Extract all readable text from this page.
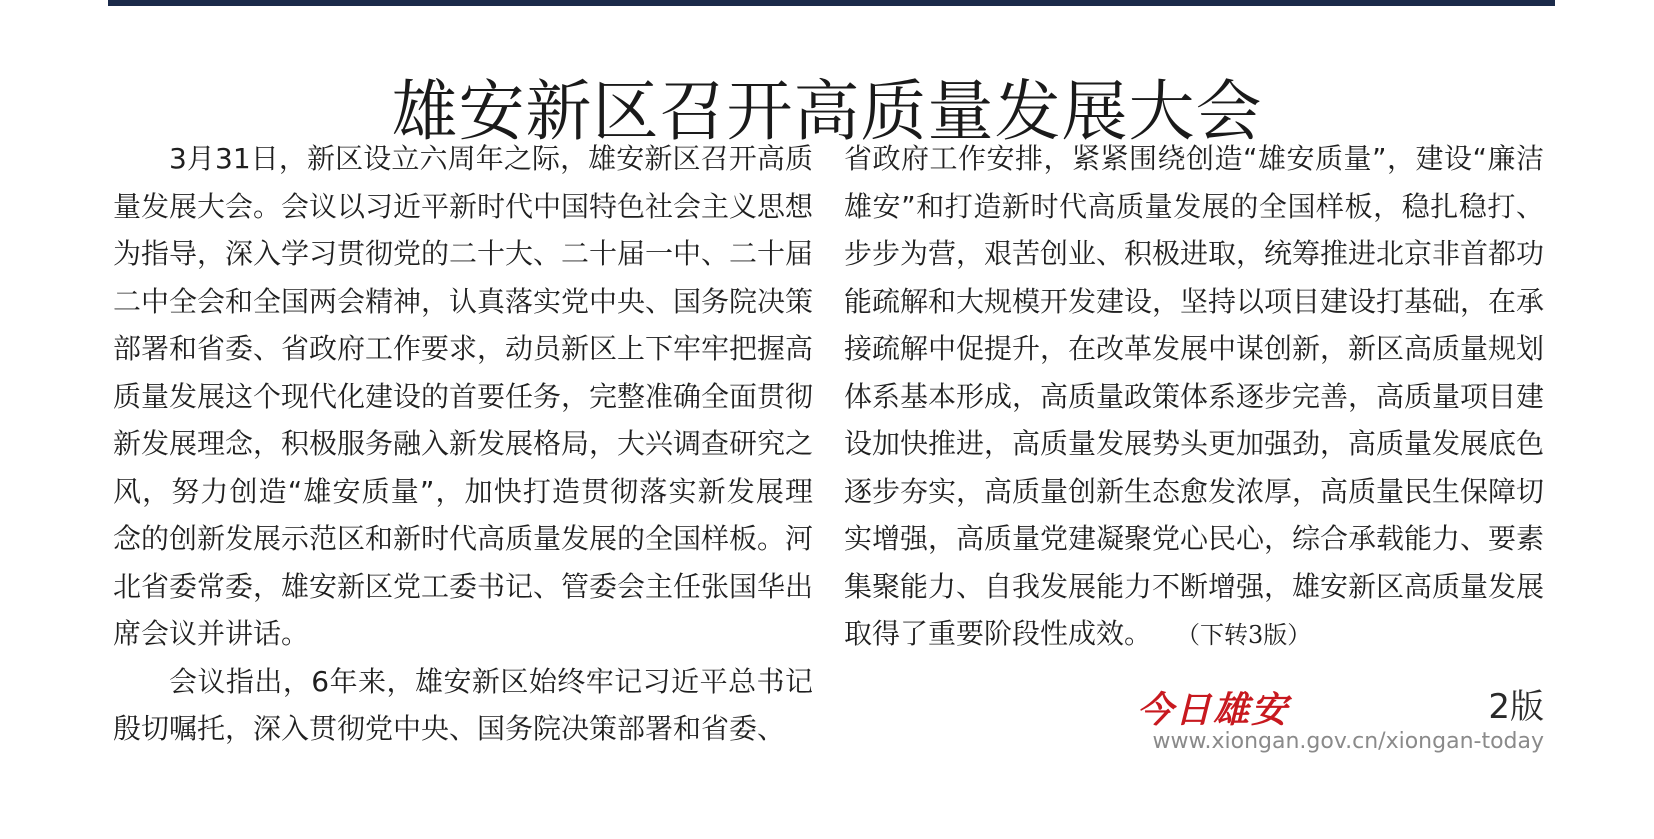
雄安新区召开高质量发展大会

3月31日，新区设立六周年之际，雄安新区召开高质量发展大会。会议以习近平新时代中国特色社会主义思想为指导，深入学习贯彻党的二十大、二十届一中、二十届二中全会和全国两会精神，认真落实党中央、国务院决策部署和省委、省政府工作要求，动员新区上下牢牢把握高质量发展这个现代化建设的首要任务，完整准确全面贯彻新发展理念，积极服务融入新发展格局，大兴调查研究之风，努力创造“雄安质量”，加快打造贯彻落实新发展理念的创新发展示范区和新时代高质量发展的全国样板。河北省委常委，雄安新区党工委书记、管委会主任张国华出席会议并讲话。

会议指出，6年来，雄安新区始终牢记习近平总书记殷切嘱托，深入贯彻党中央、国务院决策部署和省委、

省政府工作安排，紧紧围绕创造“雄安质量”，建设“廉洁雄安”和打造新时代高质量发展的全国样板，稳扎稳打、步步为营，艰苦创业、积极进取，统筹推进北京非首都功能疏解和大规模开发建设，坚持以项目建设打基础，在承接疏解中促提升，在改革发展中谋创新，新区高质量规划体系基本形成，高质量政策体系逐步完善，高质量项目建设加快推进，高质量发展势头更加强劲，高质量发展底色逐步夯实，高质量创新生态愈发浓厚，高质量民生保障切实增强，高质量党建凝聚党心民心，综合承载能力、要素集聚能力、自我发展能力不断增强，雄安新区高质量发展取得了重要阶段性成效。 （下转3版）

今日雄安	2版
www.xiongan.gov.cn/xiongan-today
